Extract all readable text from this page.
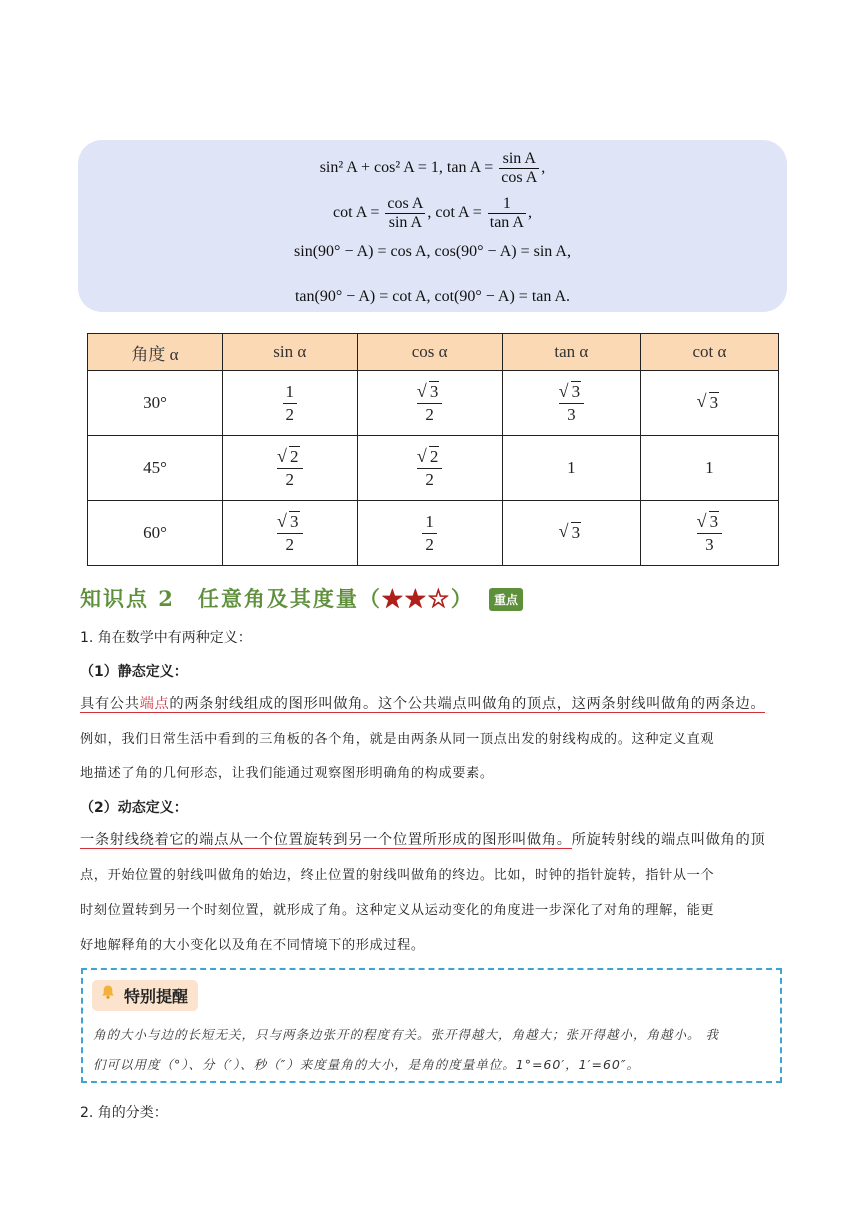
sin² A + cos² A = 1, $\tan A = \frac{\text{sin A}}{\text{cos A}}$ ,
$\cot A = \frac{\text{cos A}}{\text{sin A}}$ , $\cot A = \frac{1}{\text{tan A}}$ ,
sin(90° − A) = cos A, cos(90° − A) = sin A,
tan(90° − A) = cot A, cot(90° − A) = tan A.
角度 α	sin α	cos α	tan α	cot α
30°	$\frac{1}{2}$	√ $\frac{3}{2}$	√ $\frac{3}{3}$	√ 3
45°	√ $\frac{2}{2}$	√ $\frac{2}{2}$	1	1
60°	√ $\frac{3}{2}$	$\frac{1}{2}$	√ 3	√ $\frac{3}{3}$
知识点 2　任意角及其度量（★★☆）	重点
1. 角在数学中有两种定义：
（1）静态定义：
具有公共端点的两条射线组成的图形叫做角。这个公共端点叫做角的顶点，这两条射线叫做角的两条边。
例如，我们日常生活中看到的三角板的各个角，就是由两条从同一顶点出发的射线构成的。这种定义直观
地描述了角的几何形态，让我们能通过观察图形明确角的构成要素。
（2）动态定义：
一条射线绕着它的端点从一个位置旋转到另一个位置所形成的图形叫做角。所旋转射线的端点叫做角的顶
点，开始位置的射线叫做角的始边，终止位置的射线叫做角的终边。比如，时钟的指针旋转，指针从一个
时刻位置转到另一个时刻位置，就形成了角。这种定义从运动变化的角度进一步深化了对角的理解，能更
好地解释角的大小变化以及角在不同情境下的形成过程。
特别提醒
角的大小与边的长短无关，只与两条边张开的程度有关。张开得越大，角越大；张开得越小，角越小。 我
们可以用度（°）、分（′）、秒（″）来度量角的大小，是角的度量单位。1°=60′，1′=60″。
2. 角的分类：
